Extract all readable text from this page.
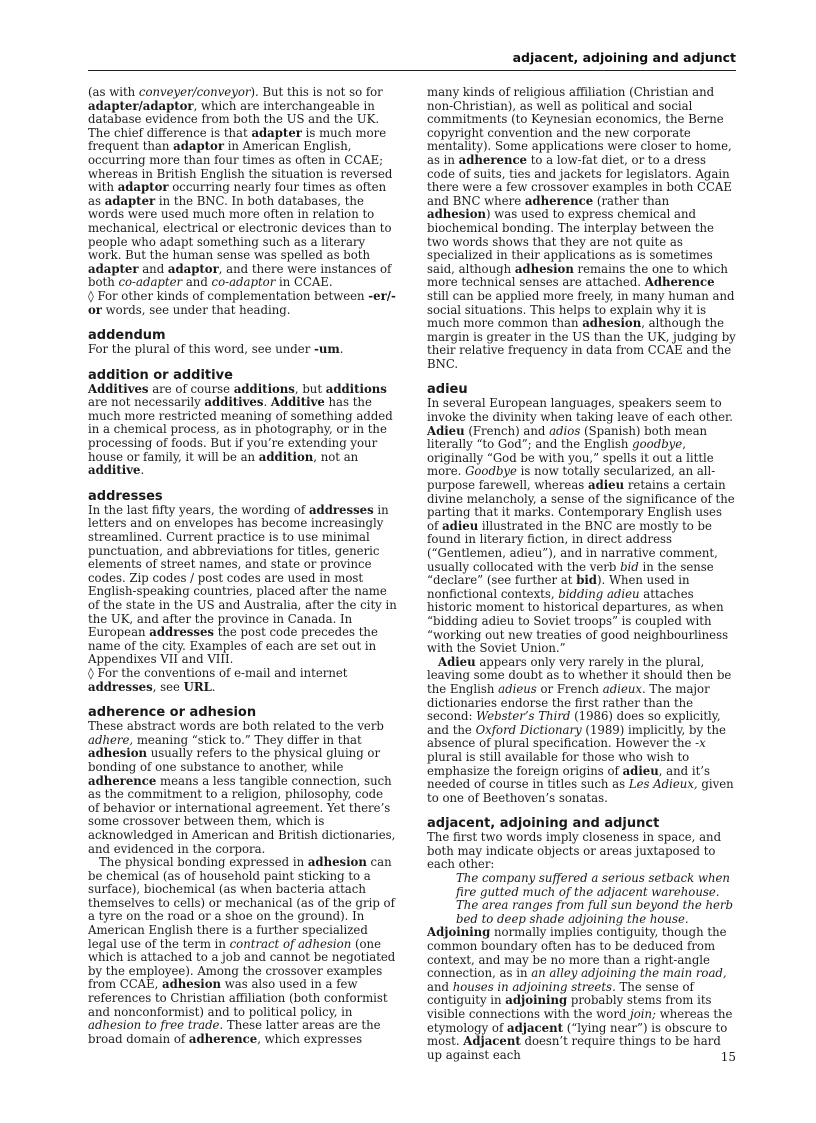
adjacent, adjoining and adjunct

(as with conveyer/conveyor). But this is not so for adapter/adaptor, which are interchangeable in database evidence from both the US and the UK. The chief difference is that adapter is much more frequent than adaptor in American English, occurring more than four times as often in CCAE; whereas in British English the situation is reversed with adaptor occurring nearly four times as often as adapter in the BNC. In both databases, the words were used much more often in relation to mechanical, electrical or electronic devices than to people who adapt something such as a literary work. But the human sense was spelled as both adapter and adaptor, and there were instances of both co-adapter and co-adaptor in CCAE.

◊ For other kinds of complementation between -er/-or words, see under that heading.

addendum

For the plural of this word, see under -um.

addition or additive

Additives are of course additions, but additions are not necessarily additives. Additive has the much more restricted meaning of something added in a chemical process, as in photography, or in the processing of foods. But if you’re extending your house or family, it will be an addition, not an additive.

addresses

In the last fifty years, the wording of addresses in letters and on envelopes has become increasingly streamlined. Current practice is to use minimal punctuation, and abbreviations for titles, generic elements of street names, and state or province codes. Zip codes / post codes are used in most English-speaking countries, placed after the name of the state in the US and Australia, after the city in the UK, and after the province in Canada. In European addresses the post code precedes the name of the city. Examples of each are set out in Appendixes VII and VIII.

◊ For the conventions of e-mail and internet addresses, see URL.

adherence or adhesion

These abstract words are both related to the verb adhere, meaning “stick to.” They differ in that adhesion usually refers to the physical gluing or bonding of one substance to another, while adherence means a less tangible connection, such as the commitment to a religion, philosophy, code of behavior or international agreement. Yet there’s some crossover between them, which is acknowledged in American and British dictionaries, and evidenced in the corpora.

The physical bonding expressed in adhesion can be chemical (as of household paint sticking to a surface), biochemical (as when bacteria attach themselves to cells) or mechanical (as of the grip of a tyre on the road or a shoe on the ground). In American English there is a further specialized legal use of the term in contract of adhesion (one which is attached to a job and cannot be negotiated by the employee). Among the crossover examples from CCAE, adhesion was also used in a few references to Christian affiliation (both conformist and nonconformist) and to political policy, in adhesion to free trade. These latter areas are the broad domain of adherence, which expresses

many kinds of religious affiliation (Christian and non-Christian), as well as political and social commitments (to Keynesian economics, the Berne copyright convention and the new corporate mentality). Some applications were closer to home, as in adherence to a low-fat diet, or to a dress code of suits, ties and jackets for legislators. Again there were a few crossover examples in both CCAE and BNC where adherence (rather than adhesion) was used to express chemical and biochemical bonding. The interplay between the two words shows that they are not quite as specialized in their applications as is sometimes said, although adhesion remains the one to which more technical senses are attached. Adherence still can be applied more freely, in many human and social situations. This helps to explain why it is much more common than adhesion, although the margin is greater in the US than the UK, judging by their relative frequency in data from CCAE and the BNC.

adieu

In several European languages, speakers seem to invoke the divinity when taking leave of each other. Adieu (French) and adios (Spanish) both mean literally “to God”; and the English goodbye, originally “God be with you,” spells it out a little more. Goodbye is now totally secularized, an all-purpose farewell, whereas adieu retains a certain divine melancholy, a sense of the significance of the parting that it marks. Contemporary English uses of adieu illustrated in the BNC are mostly to be found in literary fiction, in direct address (“Gentlemen, adieu”), and in narrative comment, usually collocated with the verb bid in the sense “declare” (see further at bid). When used in nonfictional contexts, bidding adieu attaches historic moment to historical departures, as when “bidding adieu to Soviet troops” is coupled with “working out new treaties of good neighbourliness with the Soviet Union.”

Adieu appears only very rarely in the plural, leaving some doubt as to whether it should then be the English adieus or French adieux. The major dictionaries endorse the first rather than the second: Webster’s Third (1986) does so explicitly, and the Oxford Dictionary (1989) implicitly, by the absence of plural specification. However the -x plural is still available for those who wish to emphasize the foreign origins of adieu, and it’s needed of course in titles such as Les Adieux, given to one of Beethoven’s sonatas.

adjacent, adjoining and adjunct

The first two words imply closeness in space, and both may indicate objects or areas juxtaposed to each other:

The company suffered a serious setback when fire gutted much of the adjacent warehouse.

The area ranges from full sun beyond the herb bed to deep shade adjoining the house.

Adjoining normally implies contiguity, though the common boundary often has to be deduced from context, and may be no more than a right-angle connection, as in an alley adjoining the main road, and houses in adjoining streets. The sense of contiguity in adjoining probably stems from its visible connections with the word join; whereas the etymology of adjacent (“lying near”) is obscure to most. Adjacent doesn’t require things to be hard up against each	15
